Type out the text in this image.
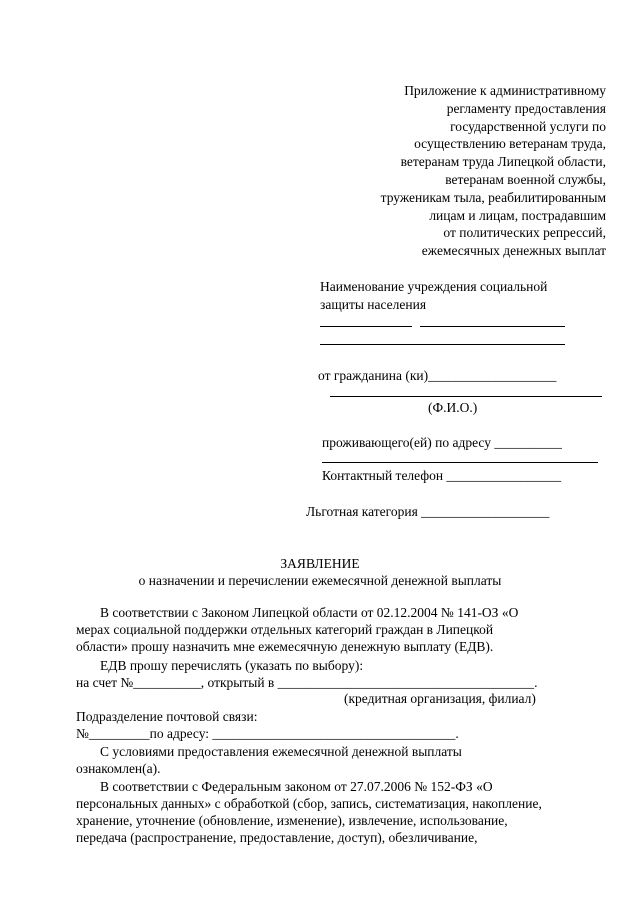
Приложение к административному
регламенту предоставления
государственной услуги по
осуществлению ветеранам труда,
ветеранам труда Липецкой области,
ветеранам военной службы,
труженикам тыла, реабилитированным
лицам и лицам, пострадавшим
от политических репрессий,
ежемесячных денежных выплат
Наименование учреждения социальной
защиты населения
от гражданина (ки)___________________
(Ф.И.О.)
проживающего(ей) по адресу __________
Контактный телефон _________________
Льготная категория ___________________
ЗАЯВЛЕНИЕ
о назначении и перечислении ежемесячной денежной выплаты
В соответствии с Законом Липецкой области от 02.12.2004 № 141-ОЗ «О
мерах социальной поддержки отдельных категорий граждан в Липецкой
области» прошу назначить мне ежемесячную денежную выплату (ЕДВ).
ЕДВ прошу перечислять (указать по выбору):
на счет №__________, открытый в ______________________________________.
(кредитная организация, филиал)
Подразделение почтовой связи:
№_________по адресу: ____________________________________.
С условиями предоставления ежемесячной денежной выплаты
ознакомлен(а).
В соответствии с Федеральным законом от 27.07.2006 № 152-ФЗ «О
персональных данных» с обработкой (сбор, запись, систематизация, накопление,
хранение, уточнение (обновление, изменение), извлечение, использование,
передача (распространение, предоставление, доступ), обезличивание,
